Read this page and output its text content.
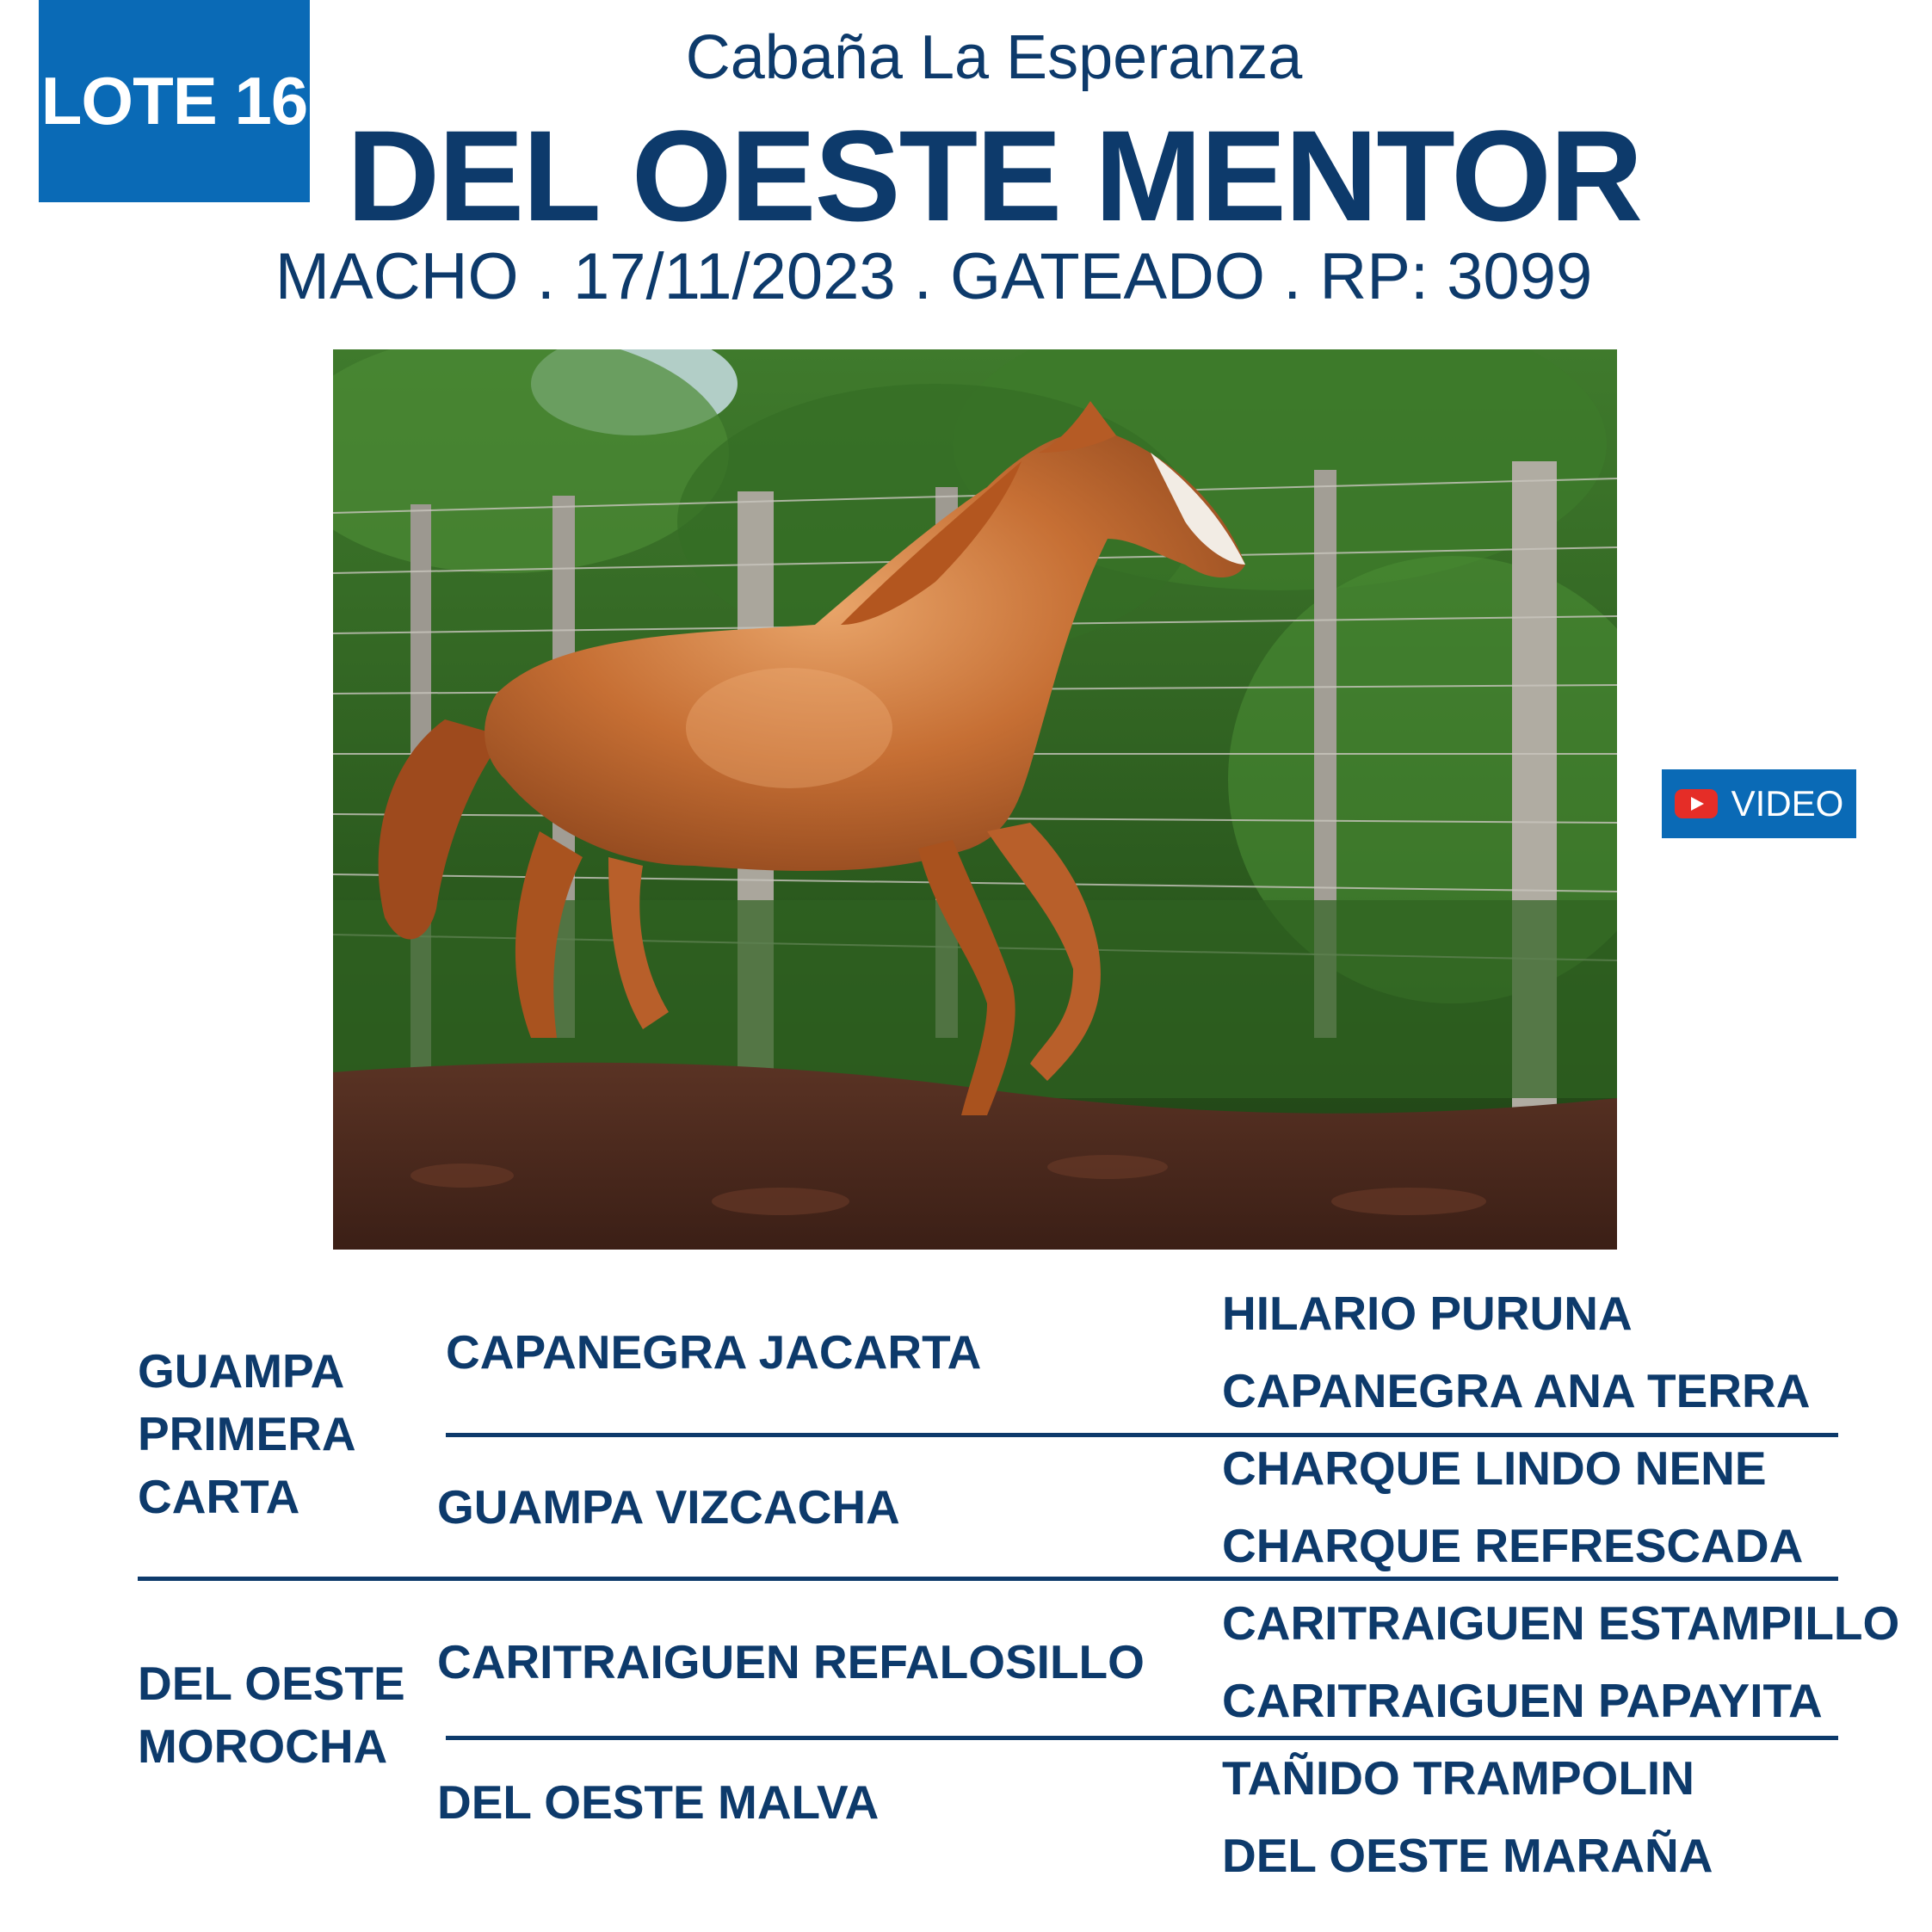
LOTE 16
Cabaña La Esperanza
DEL OESTE MENTOR
MACHO . 17/11/2023 . GATEADO . RP: 3099
VIDEO
GUAMPA PRIMERA CARTA
DEL OESTE MOROCHA
CAPANEGRA JACARTA
GUAMPA VIZCACHA
CARITRAIGUEN REFALOSILLO
DEL OESTE MALVA
HILARIO PURUNA
CAPANEGRA ANA TERRA
CHARQUE LINDO NENE
CHARQUE REFRESCADA
CARITRAIGUEN ESTAMPILLO
CARITRAIGUEN PAPAYITA
TAÑIDO TRAMPOLIN
DEL OESTE MARAÑA
